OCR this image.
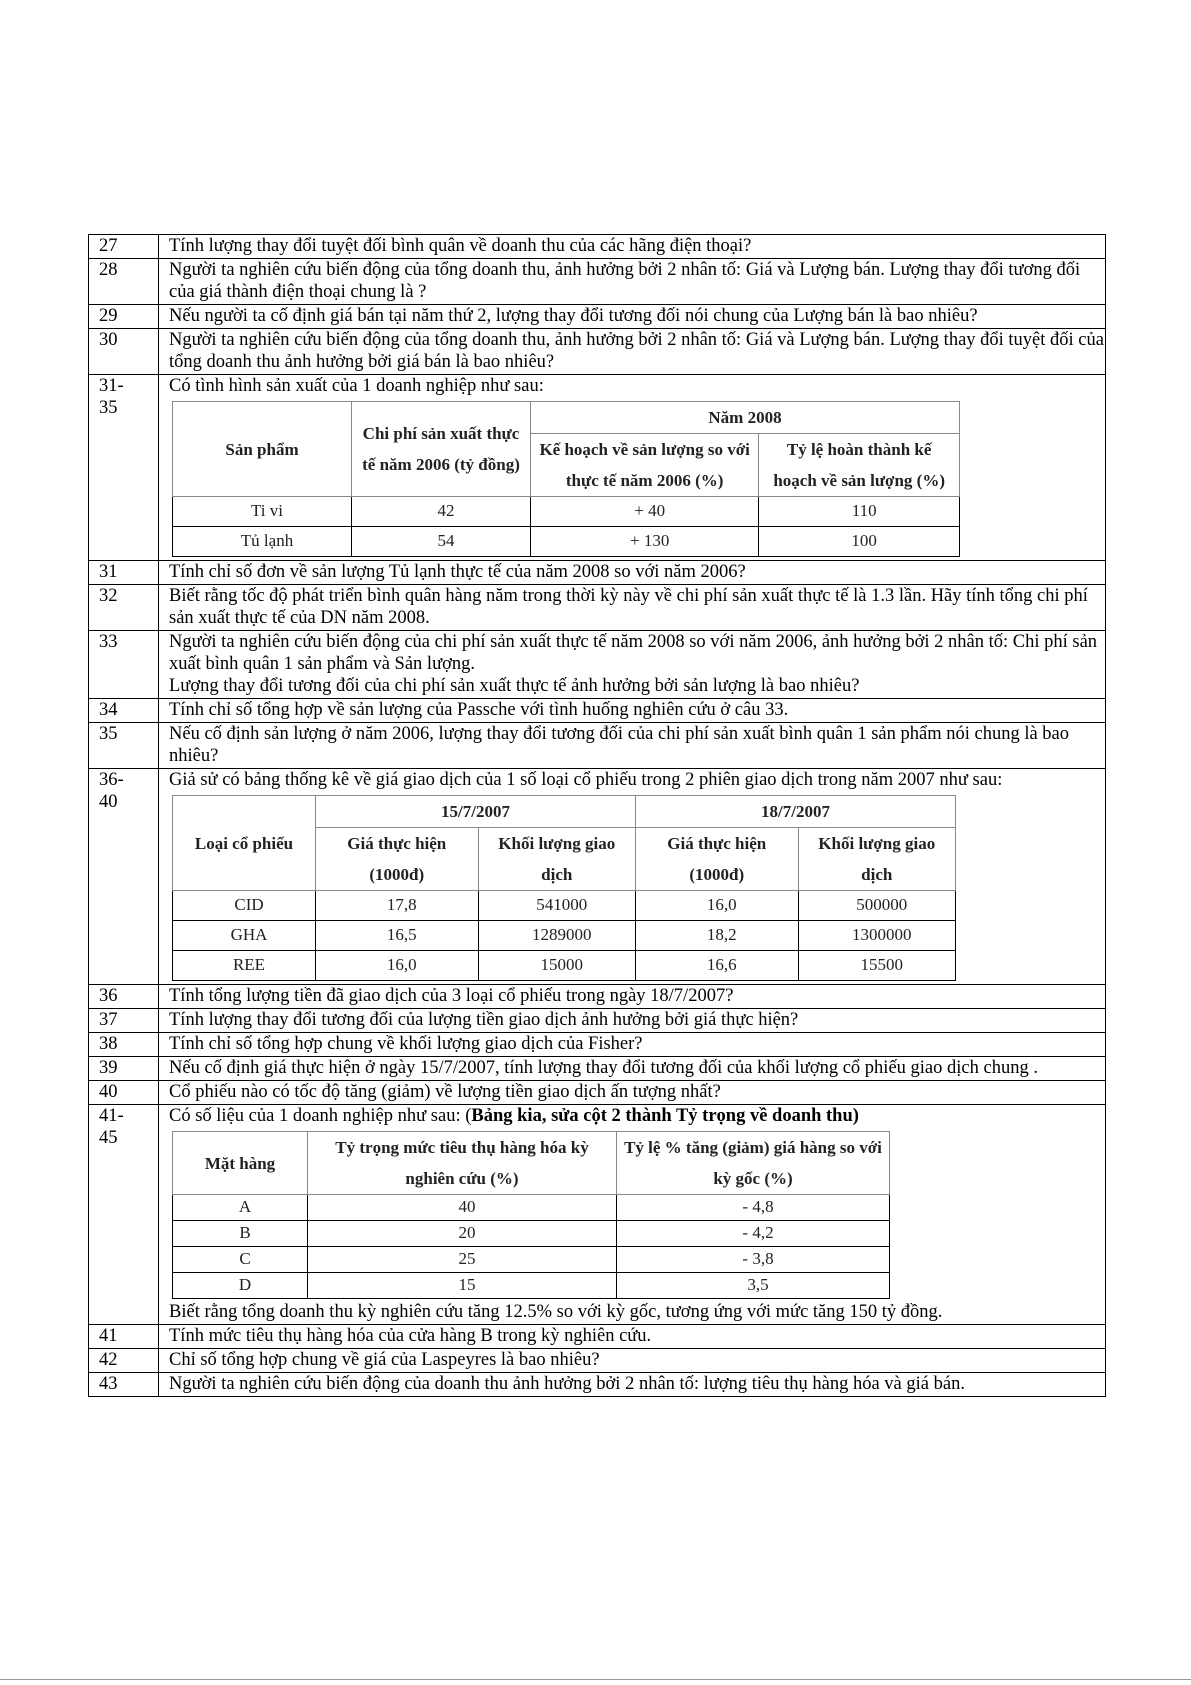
27	Tính lượng thay đổi tuyệt đối bình quân về doanh thu của các hãng điện thoại?

28	Người ta nghiên cứu biến động của tổng doanh thu, ảnh hưởng bởi 2 nhân tố: Giá và Lượng bán. Lượng thay đổi tương đối của giá thành điện thoại chung là ?

29	Nếu người ta cố định giá bán tại năm thứ 2, lượng thay đổi tương đối nói chung của Lượng bán là bao nhiêu?

30	Người ta nghiên cứu biến động của tổng doanh thu, ảnh hưởng bởi 2 nhân tố: Giá và Lượng bán. Lượng thay đổi tuyệt đối của tổng doanh thu ảnh hưởng bởi giá bán là bao nhiêu?

31-
35

Có tình hình sản xuất của 1 doanh nghiệp như sau:
Sản phẩm	Chi phí sản xuất thực tế năm 2006 (tỷ đồng)	Năm 2008
Kế hoạch về sản lượng so với thực tế năm 2006 (%)	Tỷ lệ hoàn thành kế hoạch về sản lượng (%)
Ti vi	42	+ 40	110
Tủ lạnh	54	+ 130	100

31	Tính chỉ số đơn về sản lượng Tủ lạnh thực tế của năm 2008 so với năm 2006?

32	Biết rằng tốc độ phát triển bình quân hàng năm trong thời kỳ này về chi phí sản xuất thực tế là 1.3 lần. Hãy tính tổng chi phí sản xuất thực tế của DN năm 2008.

33	Người ta nghiên cứu biến động của chi phí sản xuất thực tế năm 2008 so với năm 2006, ảnh hưởng bởi 2 nhân tố: Chi phí sản xuất bình quân 1 sản phẩm và Sản lượng.
Lượng thay đổi tương đối của chi phí sản xuất thực tế ảnh hưởng bởi sản lượng là bao nhiêu?

34	Tính chỉ số tổng hợp về sản lượng của Passche với tình huống nghiên cứu ở câu 33.

35	Nếu cố định sản lượng ở năm 2006, lượng thay đổi tương đối của chi phí sản xuất bình quân 1 sản phẩm nói chung là bao nhiêu?

36-
40

Giả sử có bảng thống kê về giá giao dịch của 1 số loại cổ phiếu trong 2 phiên giao dịch trong năm 2007 như sau:
Loại cổ phiếu	15/7/2007	18/7/2007
Giá thực hiện (1000đ)	Khối lượng giao dịch	Giá thực hiện (1000đ)	Khối lượng giao dịch
CID	17,8	541000	16,0	500000
GHA	16,5	1289000	18,2	1300000
REE	16,0	15000	16,6	15500

36	Tính tổng lượng tiền đã giao dịch của 3 loại cổ phiếu trong ngày 18/7/2007?

37	Tính lượng thay đổi tương đối của lượng tiền giao dịch ảnh hưởng bởi giá thực hiện?

38	Tính chỉ số tổng hợp chung về khối lượng giao dịch của Fisher?

39	Nếu cố định giá thực hiện ở ngày 15/7/2007, tính lượng thay đổi tương đối của khối lượng cổ phiếu giao dịch chung .

40	Cổ phiếu nào có tốc độ tăng (giảm) về lượng tiền giao dịch ấn tượng nhất?

41-
45

Có số liệu của 1 doanh nghiệp như sau: (Bảng kia, sửa cột 2 thành Tỷ trọng về doanh thu)
Mặt hàng	Tỷ trọng mức tiêu thụ hàng hóa kỳ nghiên cứu (%)	Tỷ lệ % tăng (giảm) giá hàng so với kỳ gốc (%)
A	40	- 4,8
B	20	- 4,2
C	25	- 3,8
D	15	3,5
Biết rằng tổng doanh thu kỳ nghiên cứu tăng 12.5% so với kỳ gốc, tương ứng với mức tăng 150 tỷ đồng.

41	Tính mức tiêu thụ hàng hóa của cửa hàng B trong kỳ nghiên cứu.

42	Chỉ số tổng hợp chung về giá của Laspeyres là bao nhiêu?

43	Người ta nghiên cứu biến động của doanh thu ảnh hưởng bởi 2 nhân tố: lượng tiêu thụ hàng hóa và giá bán.
